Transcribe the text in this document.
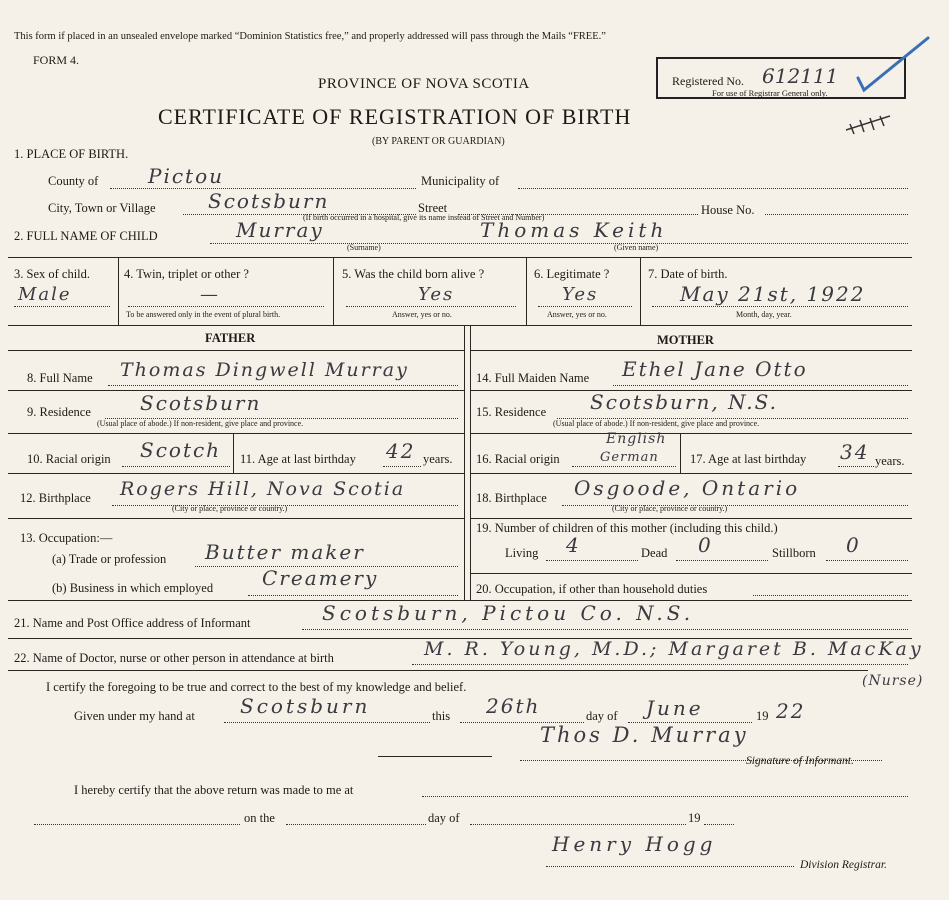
This form if placed in an unsealed envelope marked “Dominion Statistics free,” and properly addressed will pass through the Mails “FREE.”
FORM 4.
PROVINCE OF NOVA SCOTIA
CERTIFICATE OF REGISTRATION OF BIRTH
(BY PARENT OR GUARDIAN)
Registered No. 612111
For use of Registrar General only.
1. PLACE OF BIRTH.
County of Pictou	Municipality of
City, Town or Village	Scotsburn	Street	House No.
(If birth occurred in a hospital, give its name instead of Street and Number)
2. FULL NAME OF CHILD	Murray	Thomas Keith
(Surname)	(Given name)
3. Sex of child.
Male
4. Twin, triplet or other ?
—
To be answered only in the event of plural birth.
5. Was the child born alive ?
Yes
Answer, yes or no.
6. Legitimate ?
Yes
Answer, yes or no.
7. Date of birth.
May 21st, 1922
Month, day, year.
FATHER	MOTHER
8. Full Name Thomas Dingwell Murray
9. Residence Scotsburn
(Usual place of abode.) If non-resident, give place and province.
10. Racial origin Scotch 11. Age at last birthday 42 years.
12. Birthplace Rogers Hill, Nova Scotia
(City or place, province or country.)
13. Occupation:—
(a) Trade or profession Butter maker
(b) Business in which employed Creamery
14. Full Maiden Name Ethel Jane Otto
15. Residence Scotsburn, N.S.
(Usual place of abode.) If non-resident, give place and province.
16. Racial origin
English
German	17. Age at last birthday 34 years.
18. Birthplace Osgoode, Ontario
(City or place, province or country.)
19. Number of children of this mother (including this child.)
Living 4	Dead 0	Stillborn 0
20. Occupation, if other than household duties
21. Name and Post Office address of Informant	Scotsburn, Pictou Co. N.S.
22. Name of Doctor, nurse or other person in attendance at birth	M. R. Young, M.D.; Margaret B. MacKay
(Nurse)
I certify the foregoing to be true and correct to the best of my knowledge and belief.
Given under my hand at Scotsburn	this 26th	day of June	19 22
Thos D. Murray
Signature of Informant.
I hereby certify that the above return was made to me at
on the	day of	19
Henry Hogg
Division Registrar.
